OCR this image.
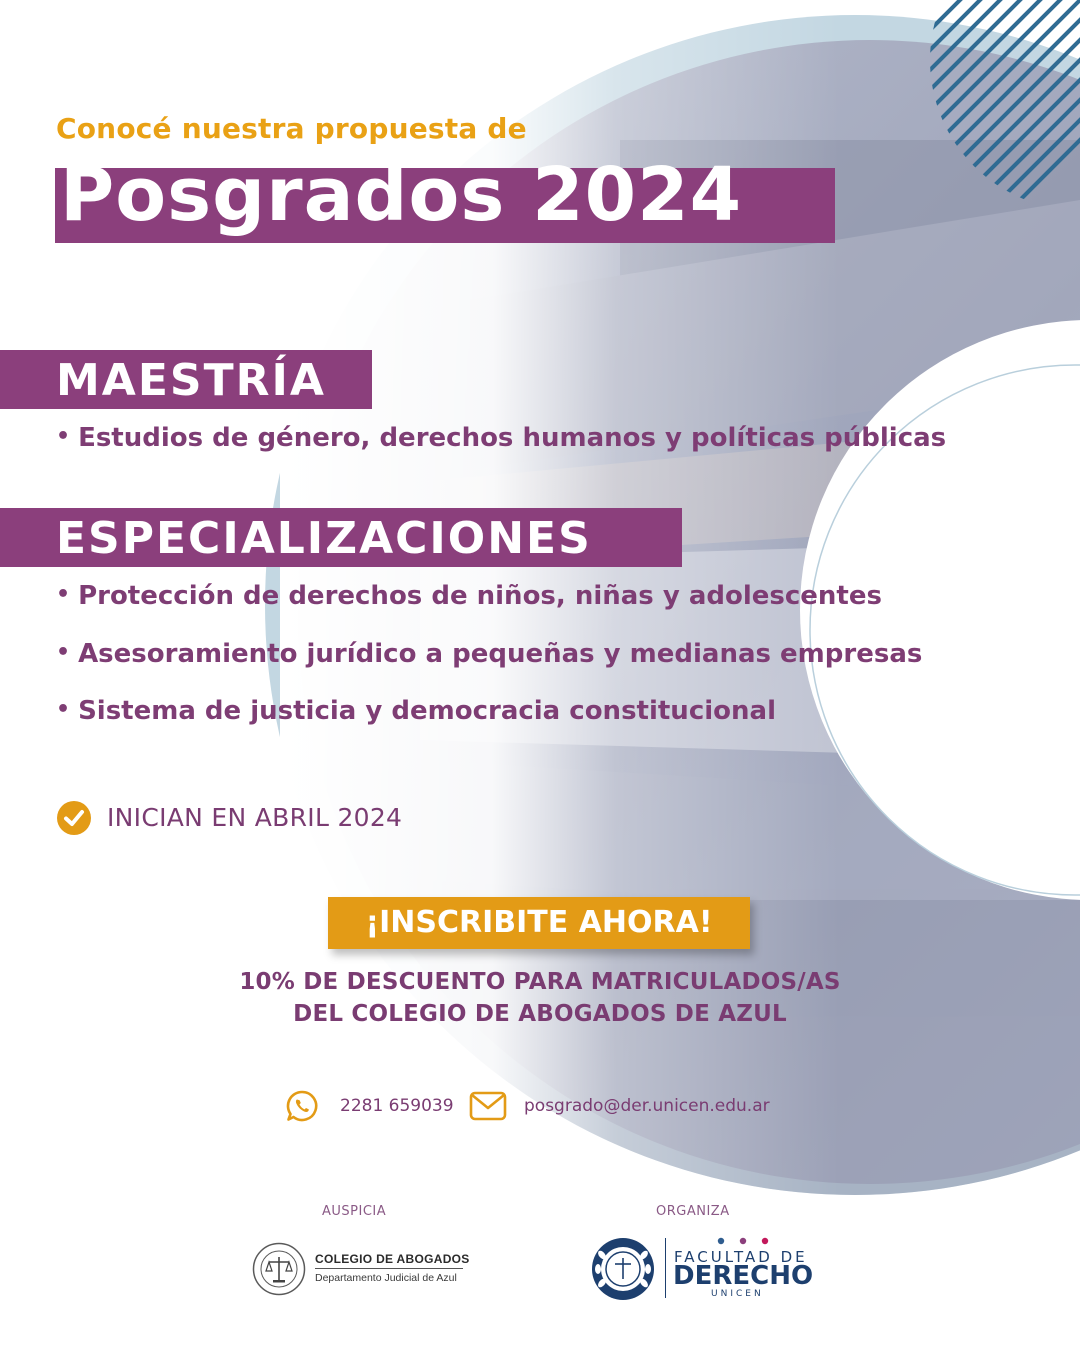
Conocé nuestra propuesta de
Posgrados 2024
MAESTRÍA
• Estudios de género, derechos humanos y políticas públicas
ESPECIALIZACIONES
• Protección de derechos de niños, niñas y adolescentes
• Asesoramiento jurídico a pequeñas y medianas empresas
• Sistema de justicia y democracia constitucional
INICIAN EN ABRIL 2024
¡INSCRIBITE AHORA!
10% DE DESCUENTO PARA MATRICULADOS/AS
DEL COLEGIO DE ABOGADOS DE AZUL
2281 659039	posgrado@der.unicen.edu.ar
AUSPICIA	ORGANIZA
COLEGIO DE ABOGADOS
Departamento Judicial de Azul
FACULTAD DE
DERECHO
UNICEN
